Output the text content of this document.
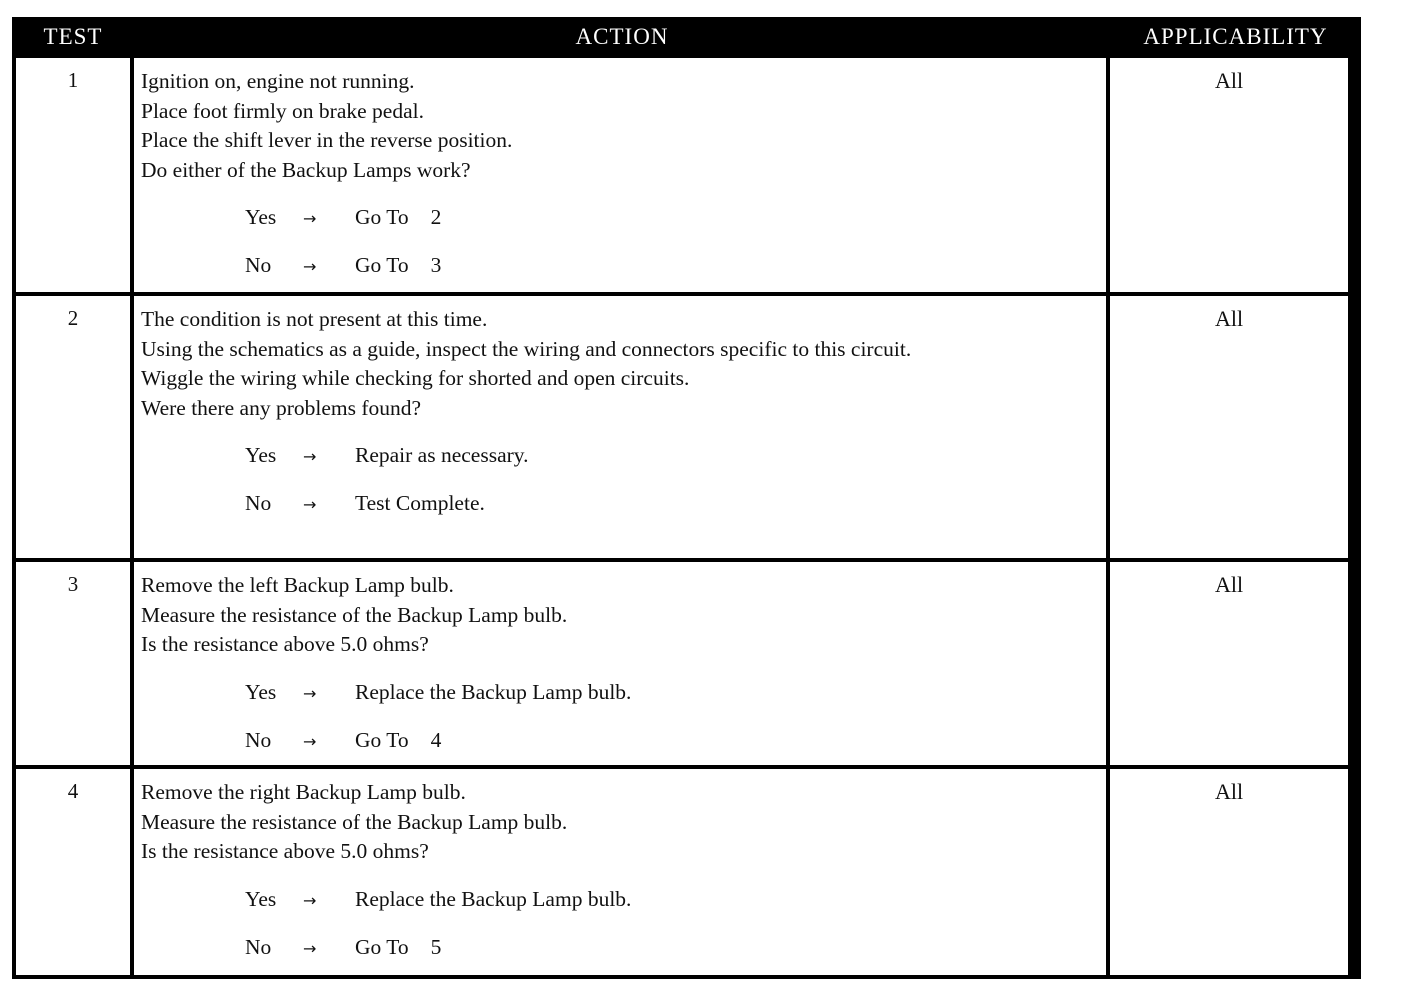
TEST	ACTION	APPLICABILITY
1	Ignition on, engine not running.
Place foot firmly on brake pedal.
Place the shift lever in the reverse position.
Do either of the Backup Lamps work?
Yes → Go To 2
No → Go To 3
All
2	The condition is not present at this time.
Using the schematics as a guide, inspect the wiring and connectors specific to this circuit.
Wiggle the wiring while checking for shorted and open circuits.
Were there any problems found?
Yes → Repair as necessary.
No → Test Complete.
All
3	Remove the left Backup Lamp bulb.
Measure the resistance of the Backup Lamp bulb.
Is the resistance above 5.0 ohms?
Yes → Replace the Backup Lamp bulb.
No → Go To 4
All
4	Remove the right Backup Lamp bulb.
Measure the resistance of the Backup Lamp bulb.
Is the resistance above 5.0 ohms?
Yes → Replace the Backup Lamp bulb.
No → Go To 5
All
